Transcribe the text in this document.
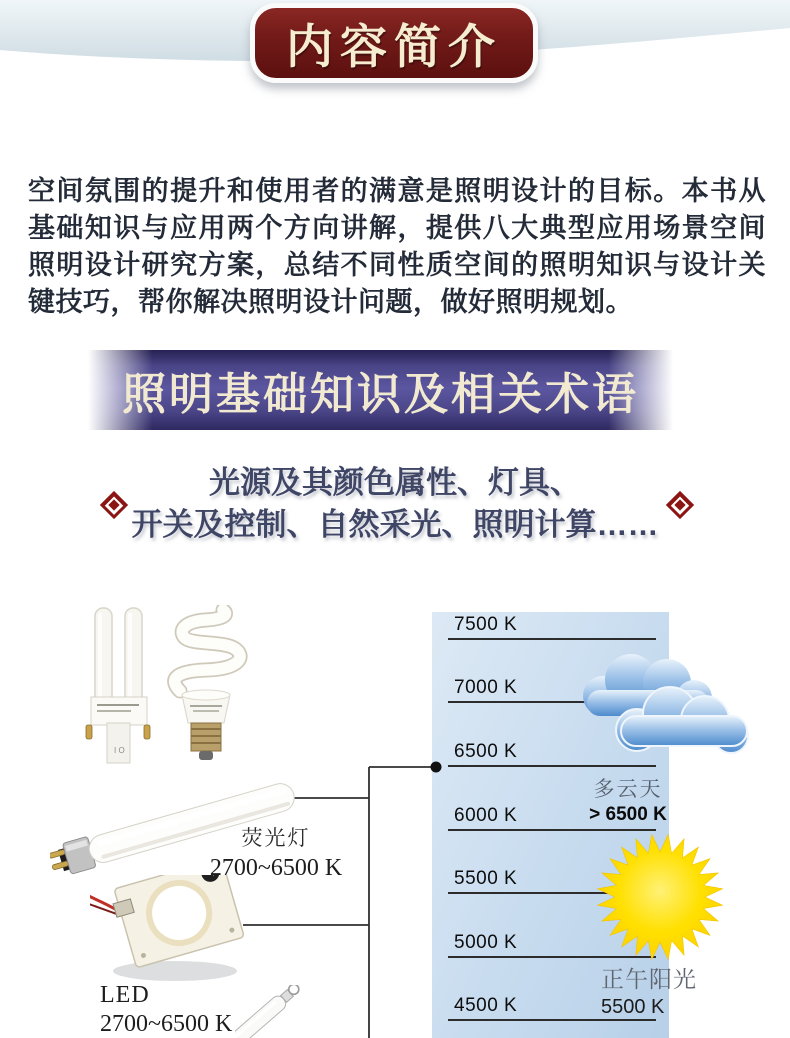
内容简介

空间氛围的提升和使用者的满意是照明设计的目标。本书从基础知识与应用两个方向讲解，提供八大典型应用场景空间照明设计研究方案，总结不同性质空间的照明知识与设计关键技巧，帮你解决照明设计问题，做好照明规划。

照明基础知识及相关术语
光源及其颜色属性、灯具、
开关及控制、自然采光、照明计算……
7500 K
7000 K
6500 K
6000 K
5500 K
5000 K
4500 K
I O
荧光灯
2700~6500 K
LED
2700~6500 K
多云天
> 6500 K
正午阳光
5500 K
